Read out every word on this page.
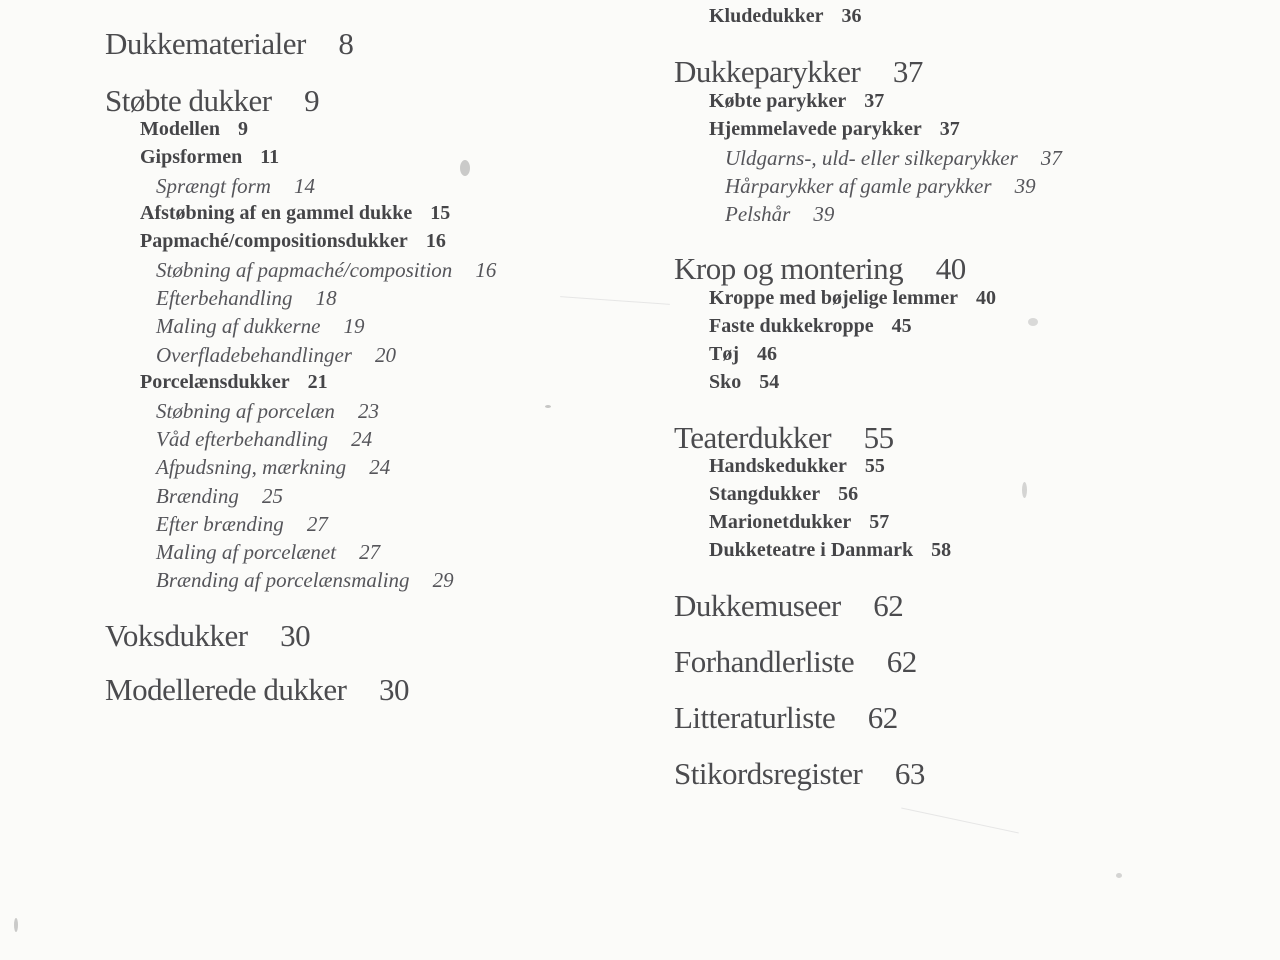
Dukkematerialer 8
Støbte dukker 9
Modellen 9
Gipsformen 11
Sprængt form 14
Afstøbning af en gammel dukke 15
Papmaché/compositionsdukker 16
Støbning af papmaché/composition 16
Efterbehandling 18
Maling af dukkerne 19
Overfladebehandlinger 20
Porcelænsdukker 21
Støbning af porcelæn 23
Våd efterbehandling 24
Afpudsning, mærkning 24
Brænding 25
Efter brænding 27
Maling af porcelænet 27
Brænding af porcelænsmaling 29
Voksdukker 30
Modellerede dukker 30
Kludedukker 36
Dukkeparykker 37
Købte parykker 37
Hjemmelavede parykker 37
Uldgarns-, uld- eller silkeparykker 37
Hårparykker af gamle parykker 39
Pelshår 39
Krop og montering 40
Kroppe med bøjelige lemmer 40
Faste dukkekroppe 45
Tøj 46
Sko 54
Teaterdukker 55
Handskedukker 55
Stangdukker 56
Marionetdukker 57
Dukketeatre i Danmark 58
Dukkemuseer 62
Forhandlerliste 62
Litteraturliste 62
Stikordsregister 63
